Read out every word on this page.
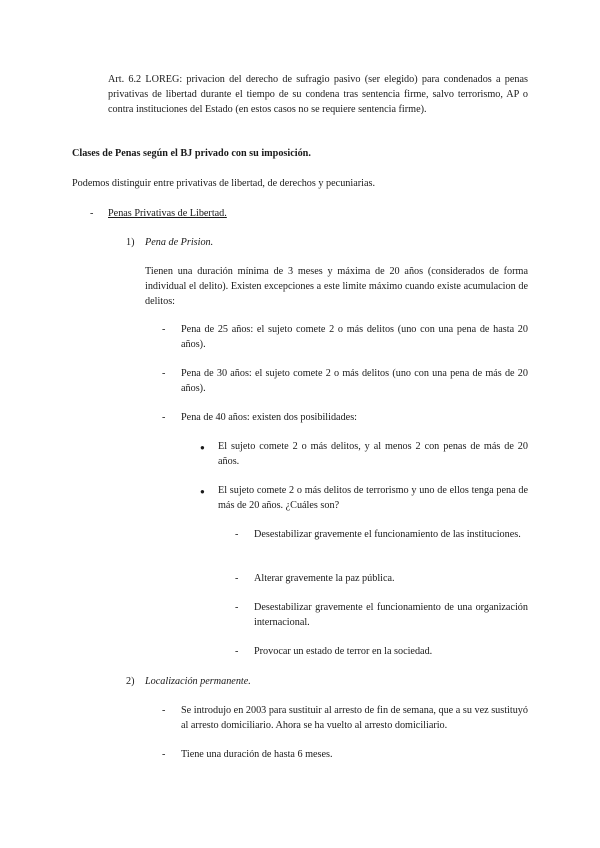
Art. 6.2 LOREG: privacion del derecho de sufragio pasivo (ser elegido) para condenados a penas privativas de libertad durante el tiempo de su condena tras sentencia firme, salvo terrorismo, AP o contra instituciones del Estado (en estos casos no se requiere sentencia firme).

Clases de Penas según el BJ privado con su imposición.

Podemos distinguir entre privativas de libertad, de derechos y pecuniarias.

- Penas Privativas de Libertad.

1) Pena de Prision.

Tienen una duración mínima de 3 meses y máxima de 20 años (considerados de forma individual el delito). Existen excepciones a este limite máximo cuando existe acumulacion de delitos:

- Pena de 25 años: el sujeto comete 2 o más delitos (uno con una pena de hasta 20 años).

- Pena de 30 años: el sujeto comete 2 o más delitos (uno con una pena de más de 20 años).

- Pena de 40 años: existen dos posibilidades:

● El sujeto comete 2 o más delitos, y al menos 2 con penas de más de 20 años.

● El sujeto comete 2 o más delitos de terrorismo y uno de ellos tenga pena de más de 20 años. ¿Cuáles son?

- Desestabilizar gravemente el funcionamiento de las instituciones.

- Alterar gravemente la paz pública.

- Desestabilizar gravemente el funcionamiento de una organización internacional.

- Provocar un estado de terror en la sociedad.

2) Localización permanente.

- Se introdujo en 2003 para sustituir al arresto de fin de semana, que a su vez sustituyó al arresto domiciliario. Ahora se ha vuelto al arresto domiciliario.

- Tiene una duración de hasta 6 meses.
